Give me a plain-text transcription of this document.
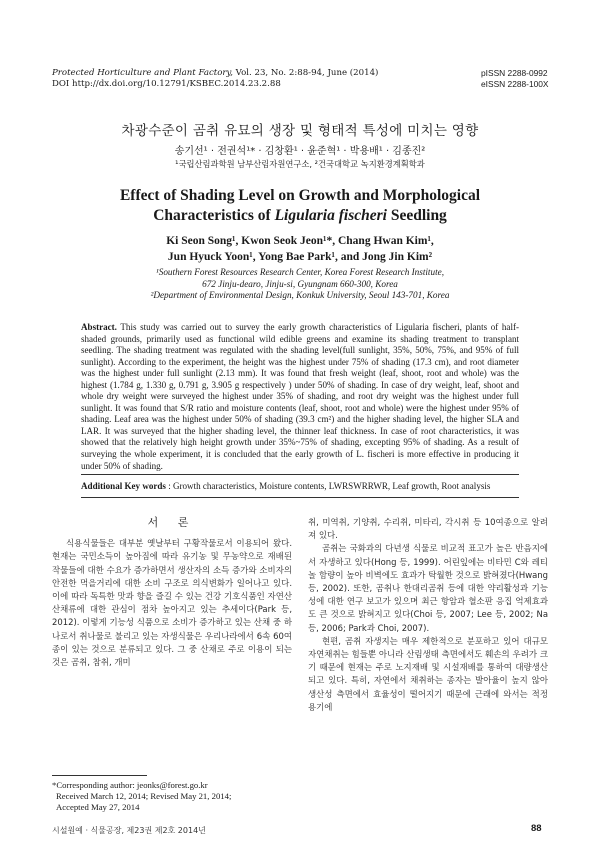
Protected Horticulture and Plant Factory, Vol. 23, No. 2:88-94, June (2014)
DOI http://dx.doi.org/10.12791/KSBEC.2014.23.2.88
pISSN 2288-0992
eISSN 2288-100X
차광수준이 곰취 유묘의 생장 및 형태적 특성에 미치는 영향
송기선¹ · 전권석¹* · 김창환¹ · 윤준혁¹ · 박용배¹ · 김종진²
¹국립산림과학원 남부산림자원연구소, ²건국대학교 녹지환경계획학과
Effect of Shading Level on Growth and Morphological
Characteristics of Ligularia fischeri Seedling
Ki Seon Song¹, Kwon Seok Jeon¹*, Chang Hwan Kim¹,
Jun Hyuck Yoon¹, Yong Bae Park¹, and Jong Jin Kim²
¹Southern Forest Resources Research Center, Korea Forest Research Institute,
672 Jinju-dearo, Jinju-si, Gyungnam 660-300, Korea
²Department of Environmental Design, Konkuk University, Seoul 143-701, Korea
Abstract. This study was carried out to survey the early growth characteristics of Ligularia fischeri, plants of half-shaded grounds, primarily used as functional wild edible greens and examine its shading treatment to transplant seedling. The shading treatment was regulated with the shading level(full sunlight, 35%, 50%, 75%, and 95% of full sunlight). According to the experiment, the height was the highest under 75% of shading (17.3 cm), and root diameter was the highest under full sunlight (2.13 mm). It was found that fresh weight (leaf, shoot, root and whole) was the highest (1.784 g, 1.330 g, 0.791 g, 3.905 g respectively ) under 50% of shading. In case of dry weight, leaf, shoot and whole dry weight were surveyed the highest under 35% of shading, and root dry weight was the highest under full sunlight. It was found that S/R ratio and moisture contents (leaf, shoot, root and whole) were the highest under 95% of shading. Leaf area was the highest under 50% of shading (39.3 cm²) and the higher shading level, the higher SLA and LAR. It was surveyed that the higher shading level, the thinner leaf thickness. In case of root characteristics, it was showed that the relatively high height growth under 35%~75% of shading, excepting 95% of shading. As a result of surveying the whole experiment, it is concluded that the early growth of L. fischeri is more effective in producing it under 50% of shading.
Additional Key words : Growth characteristics, Moisture contents, LWRSWRRWR, Leaf growth, Root analysis
서 론

식용식물들은 대부분 옛날부터 구황작물로서 이용되어 왔다. 현재는 국민소득이 높아짐에 따라 유기농 및 무농약으로 재배된 작물들에 대한 수요가 증가하면서 생산자의 소득 증가와 소비자의 안전한 먹을거리에 대한 소비 구조로 의식변화가 일어나고 있다. 이에 따라 독특한 맛과 향을 즐길 수 있는 건강 기호식품인 자연산 산채류에 대한 관심이 점차 높아지고 있는 추세이다(Park 등, 2012). 이렇게 기능성 식품으로 소비가 증가하고 있는 산채 중 하나로서 취나물로 불리고 있는 자생식물은 우리나라에서 6속 60여종이 있는 것으로 분류되고 있다. 그 중 산채로 주로 이용이 되는 것은 곰취, 참취, 개미

취, 미역취, 기양취, 수리취, 미타리, 각시취 등 10여종으로 알려져 있다.

곰취는 국화과의 다년생 식물로 비교적 표고가 높은 반음지에서 자생하고 있다(Hong 등, 1999). 어린잎에는 비타민 C와 레티놀 함량이 높아 비벽에도 효과가 탁월한 것으로 밝혀졌다(Hwang 등, 2002). 또한, 곰취나 한대리곰취 등에 대한 약리활성과 기능성에 대한 연구 보고가 있으며 최근 항암과 혈소판 응집 억제효과도 큰 것으로 밝혀지고 있다(Choi 등, 2007; Lee 등, 2002; Na 등, 2006; Park과 Choi, 2007).

현편, 곰취 자생지는 매우 제한적으로 분포하고 있어 대규모 자연채취는 힘들뿐 아니라 산림생태 측면에서도 훼손의 우려가 크기 때문에 현재는 주로 노지재배 및 시설재배를 통하여 대량생산되고 있다. 특히, 자연에서 채취하는 종자는 발아율이 높지 않아 생산성 측면에서 효율성이 떨어지기 때문에 근래에 와서는 적정 용기에

*Corresponding author: jeonks@forest.go.kr
Received March 12, 2014; Revised May 21, 2014;
Accepted May 27, 2014
시설원예 · 식물공장, 제23권 제2호 2014년	88
